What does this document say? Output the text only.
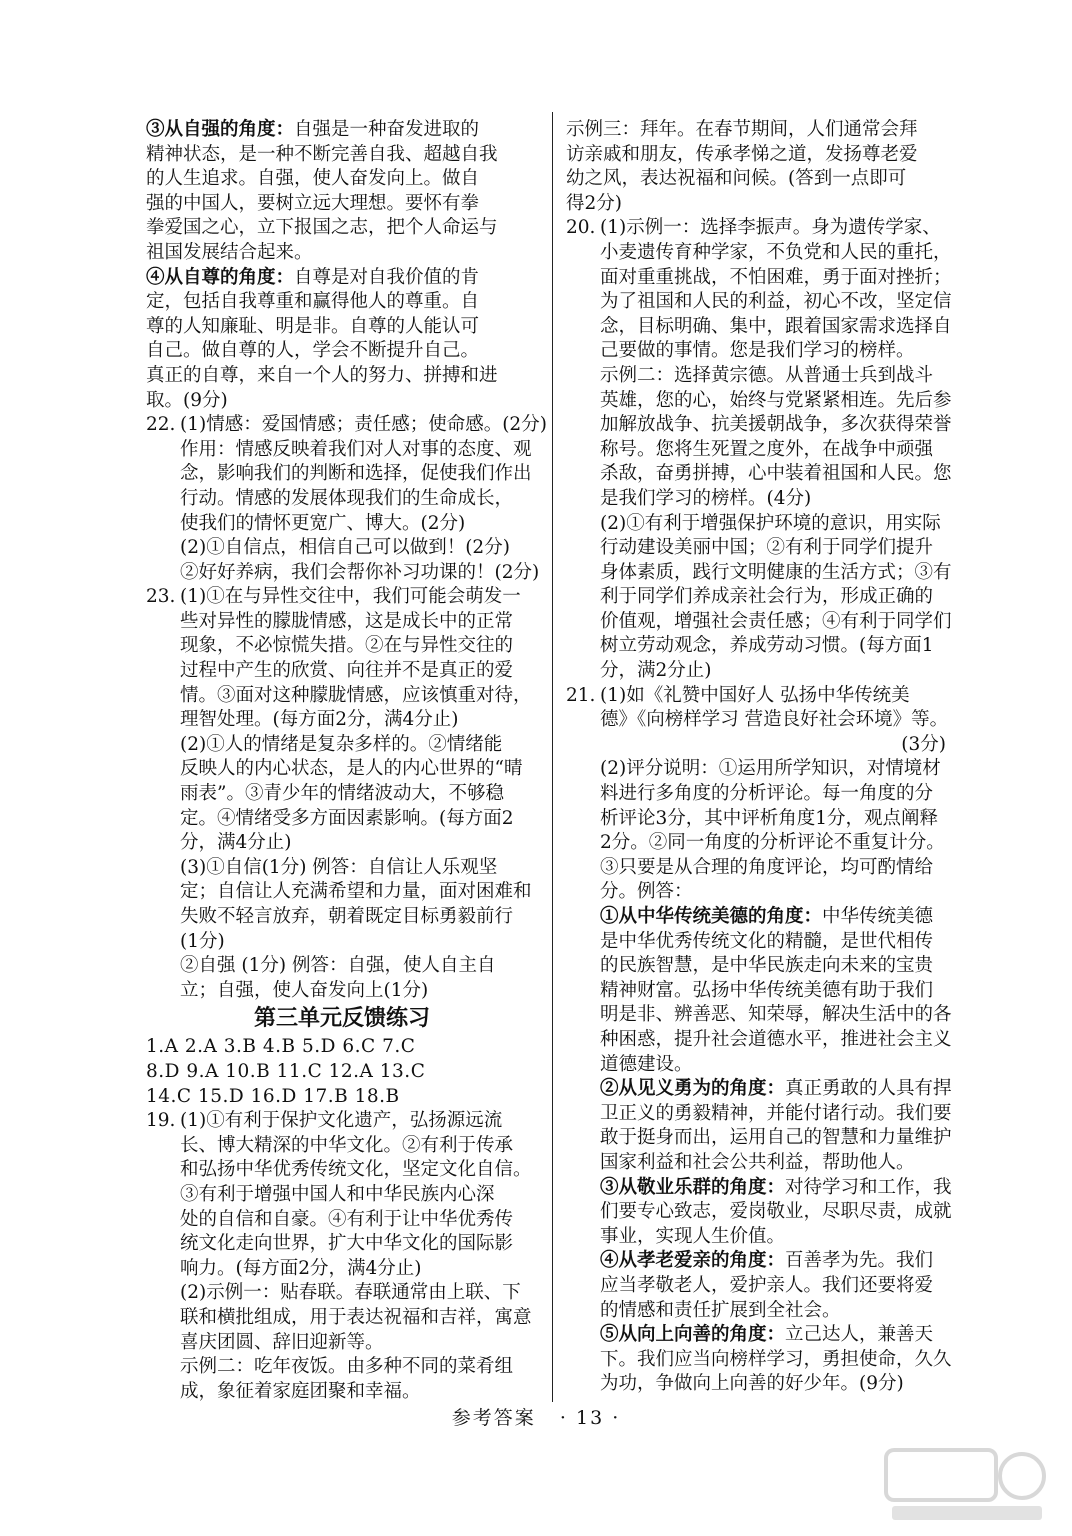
③从自强的角度：自强是一种奋发进取的
精神状态，是一种不断完善自我、超越自我
的人生追求。自强，使人奋发向上。做自
强的中国人，要树立远大理想。要怀有拳
拳爱国之心，立下报国之志，把个人命运与
祖国发展结合起来。
④从自尊的角度：自尊是对自我价值的肯
定，包括自我尊重和赢得他人的尊重。自
尊的人知廉耻、明是非。自尊的人能认可
自己。做自尊的人，学会不断提升自己。
真正的自尊，来自一个人的努力、拼搏和进
取。(9分)
22. (1)情感：爱国情感；责任感；使命感。(2分)
作用：情感反映着我们对人对事的态度、观
念，影响我们的判断和选择，促使我们作出
行动。情感的发展体现我们的生命成长，
使我们的情怀更宽广、博大。(2分)
(2)①自信点，相信自己可以做到！(2分)
②好好养病，我们会帮你补习功课的！(2分)
23. (1)①在与异性交往中，我们可能会萌发一
些对异性的朦胧情感，这是成长中的正常
现象，不必惊慌失措。②在与异性交往的
过程中产生的欣赏、向往并不是真正的爱
情。③面对这种朦胧情感，应该慎重对待，
理智处理。(每方面2分，满4分止)
(2)①人的情绪是复杂多样的。②情绪能
反映人的内心状态，是人的内心世界的“晴
雨表”。③青少年的情绪波动大，不够稳
定。④情绪受多方面因素影响。(每方面2
分，满4分止)
(3)①自信(1分) 例答：自信让人乐观坚
定；自信让人充满希望和力量，面对困难和
失败不轻言放弃，朝着既定目标勇毅前行
(1分)
②自强 (1分) 例答：自强，使人自主自
立；自强，使人奋发向上(1分)
第三单元反馈练习
1.A 2.A 3.B 4.B 5.D 6.C 7.C
8.D 9.A 10.B 11.C 12.A 13.C
14.C 15.D 16.D 17.B 18.B
19. (1)①有利于保护文化遗产，弘扬源远流
长、博大精深的中华文化。②有利于传承
和弘扬中华优秀传统文化，坚定文化自信。
③有利于增强中国人和中华民族内心深
处的自信和自豪。④有利于让中华优秀传
统文化走向世界，扩大中华文化的国际影
响力。(每方面2分，满4分止)
(2)示例一：贴春联。春联通常由上联、下
联和横批组成，用于表达祝福和吉祥，寓意
喜庆团圆、辞旧迎新等。
示例二：吃年夜饭。由多种不同的菜肴组
成，象征着家庭团聚和幸福。
示例三：拜年。在春节期间，人们通常会拜
访亲戚和朋友，传承孝悌之道，发扬尊老爱
幼之风，表达祝福和问候。(答到一点即可
得2分)
20. (1)示例一：选择李振声。身为遗传学家、
小麦遗传育种学家，不负党和人民的重托，
面对重重挑战，不怕困难，勇于面对挫折；
为了祖国和人民的利益，初心不改，坚定信
念，目标明确、集中，跟着国家需求选择自
己要做的事情。您是我们学习的榜样。
示例二：选择黄宗德。从普通士兵到战斗
英雄，您的心，始终与党紧紧相连。先后参
加解放战争、抗美援朝战争，多次获得荣誉
称号。您将生死置之度外，在战争中顽强
杀敌，奋勇拼搏，心中装着祖国和人民。您
是我们学习的榜样。(4分)
(2)①有利于增强保护环境的意识，用实际
行动建设美丽中国；②有利于同学们提升
身体素质，践行文明健康的生活方式；③有
利于同学们养成亲社会行为，形成正确的
价值观，增强社会责任感；④有利于同学们
树立劳动观念，养成劳动习惯。(每方面1
分，满2分止)
21. (1)如《礼赞中国好人 弘扬中华传统美
德》《向榜样学习 营造良好社会环境》等。
(3分)
(2)评分说明：①运用所学知识，对情境材
料进行多角度的分析评论。每一角度的分
析评论3分，其中评析角度1分，观点阐释
2分。②同一角度的分析评论不重复计分。
③只要是从合理的角度评论，均可酌情给
分。例答：
①从中华传统美德的角度：中华传统美德
是中华优秀传统文化的精髓，是世代相传
的民族智慧，是中华民族走向未来的宝贵
精神财富。弘扬中华传统美德有助于我们
明是非、辨善恶、知荣辱，解决生活中的各
种困惑，提升社会道德水平，推进社会主义
道德建设。
②从见义勇为的角度：真正勇敢的人具有捍
卫正义的勇毅精神，并能付诸行动。我们要
敢于挺身而出，运用自己的智慧和力量维护
国家利益和社会公共利益，帮助他人。
③从敬业乐群的角度：对待学习和工作，我
们要专心致志，爱岗敬业，尽职尽责，成就
事业，实现人生价值。
④从孝老爱亲的角度：百善孝为先。我们
应当孝敬老人，爱护亲人。我们还要将爱
的情感和责任扩展到全社会。
⑤从向上向善的角度：立己达人，兼善天
下。我们应当向榜样学习，勇担使命，久久
为功，争做向上向善的好少年。(9分)
参考答案 · 13 ·
